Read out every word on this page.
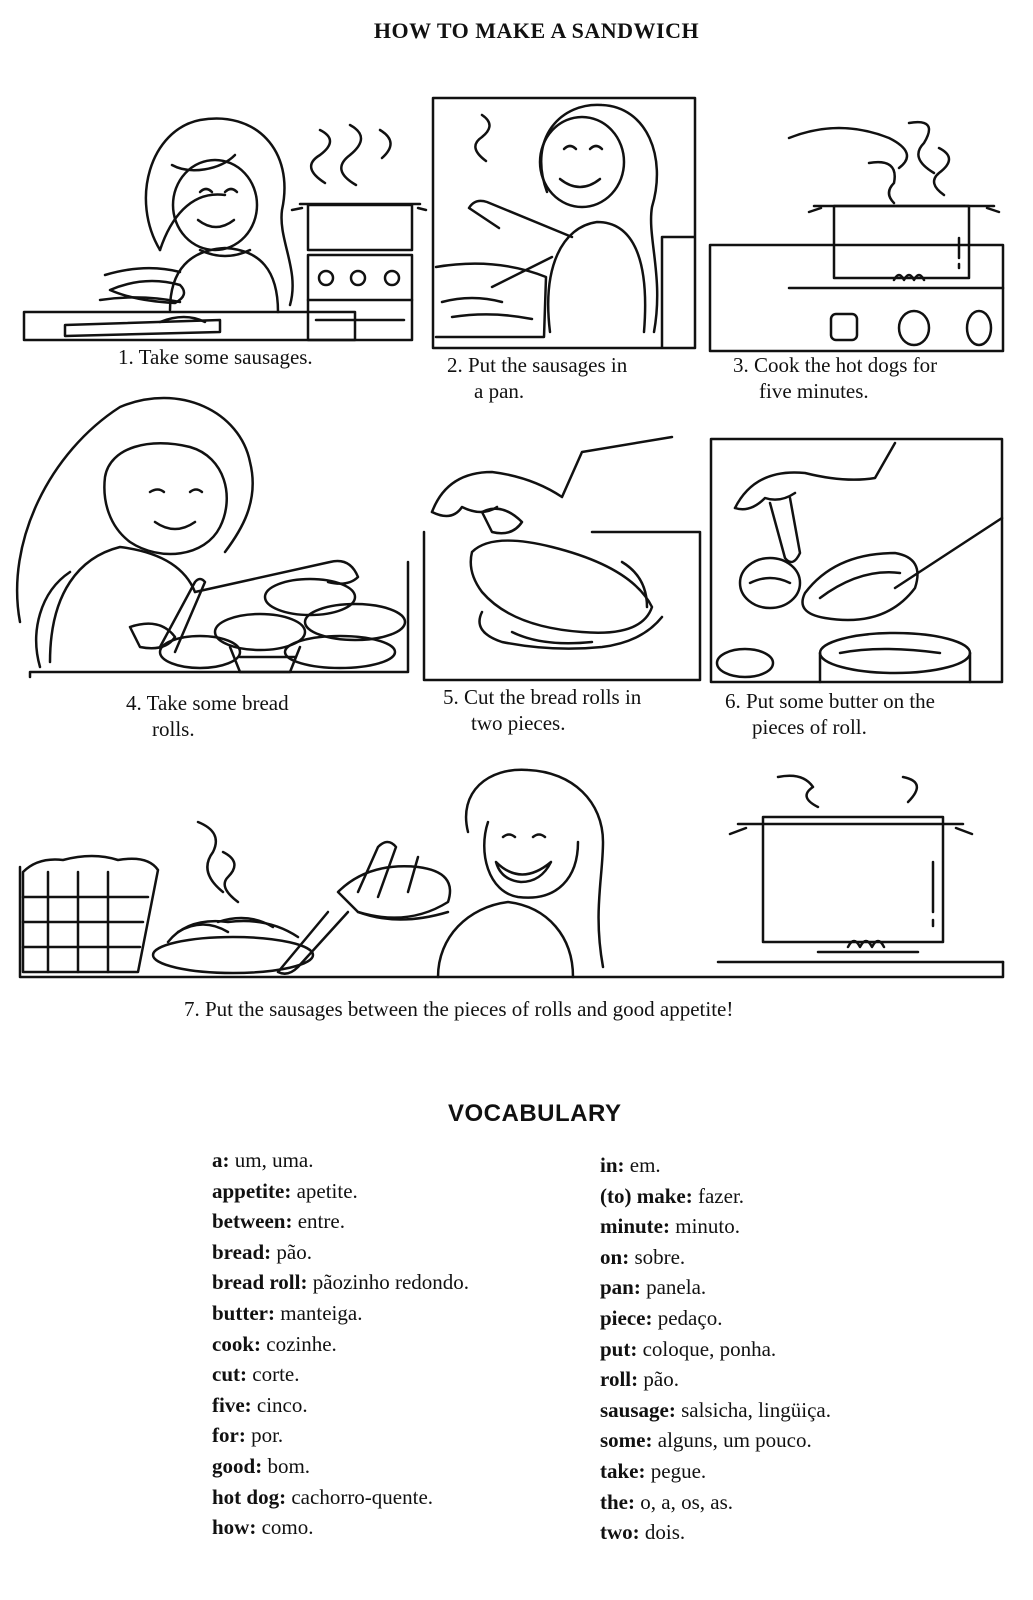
HOW TO MAKE A SANDWICH
1. Take some sausages.	2. Put the sausages in
a pan.
3. Cook the hot dogs for
five minutes.
4. Take some bread
rolls.
5. Cut the bread rolls in
two pieces.
6. Put some butter on the
pieces of roll.
7. Put the sausages between the pieces of rolls and good appetite!
VOCABULARY
a: um, uma.
appetite: apetite.
between: entre.
bread: pão.
bread roll: pãozinho redondo.
butter: manteiga.
cook: cozinhe.
cut: corte.
five: cinco.
for: por.
good: bom.
hot dog: cachorro-quente.
how: como.
in: em.
(to) make: fazer.
minute: minuto.
on: sobre.
pan: panela.
piece: pedaço.
put: coloque, ponha.
roll: pão.
sausage: salsicha, lingüiça.
some: alguns, um pouco.
take: pegue.
the: o, a, os, as.
two: dois.
